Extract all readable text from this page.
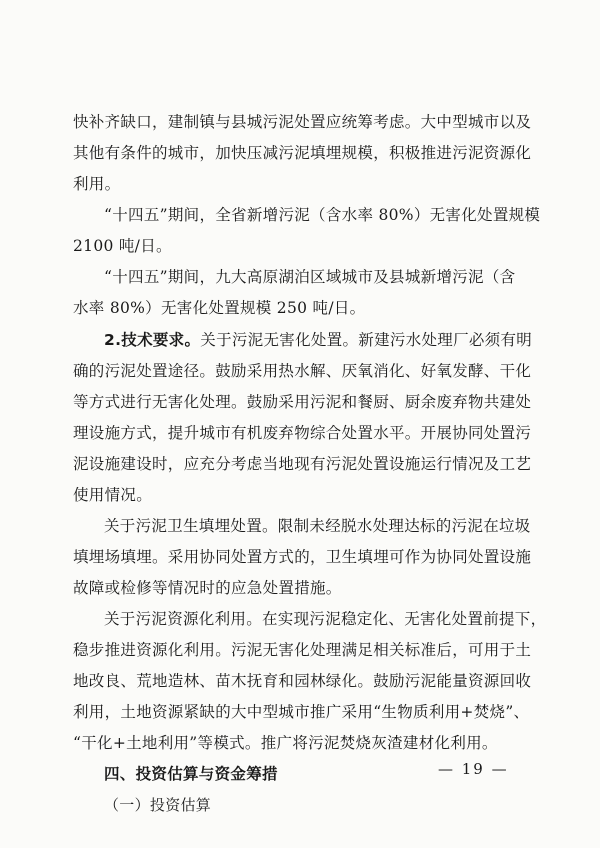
快补齐缺口，建制镇与县城污泥处置应统筹考虑。大中型城市以及
其他有条件的城市，加快压减污泥填埋规模，积极推进污泥资源化
利用。
“十四五”期间，全省新增污泥（含水率 80%）无害化处置规模
2100 吨/日。
“十四五”期间，九大高原湖泊区域城市及县城新增污泥（含
水率 80%）无害化处置规模 250 吨/日。
2.技术要求。关于污泥无害化处置。新建污水处理厂必须有明
确的污泥处置途径。鼓励采用热水解、厌氧消化、好氧发酵、干化
等方式进行无害化处理。鼓励采用污泥和餐厨、厨余废弃物共建处
理设施方式，提升城市有机废弃物综合处置水平。开展协同处置污
泥设施建设时，应充分考虑当地现有污泥处置设施运行情况及工艺
使用情况。
关于污泥卫生填埋处置。限制未经脱水处理达标的污泥在垃圾
填埋场填埋。采用协同处置方式的，卫生填埋可作为协同处置设施
故障或检修等情况时的应急处置措施。
关于污泥资源化利用。在实现污泥稳定化、无害化处置前提下，
稳步推进资源化利用。污泥无害化处理满足相关标准后，可用于土
地改良、荒地造林、苗木抚育和园林绿化。鼓励污泥能量资源回收
利用，土地资源紧缺的大中型城市推广采用“生物质利用+焚烧”、
“干化+土地利用”等模式。推广将污泥焚烧灰渣建材化利用。
四、投资估算与资金筹措
（一）投资估算
— 19 —
